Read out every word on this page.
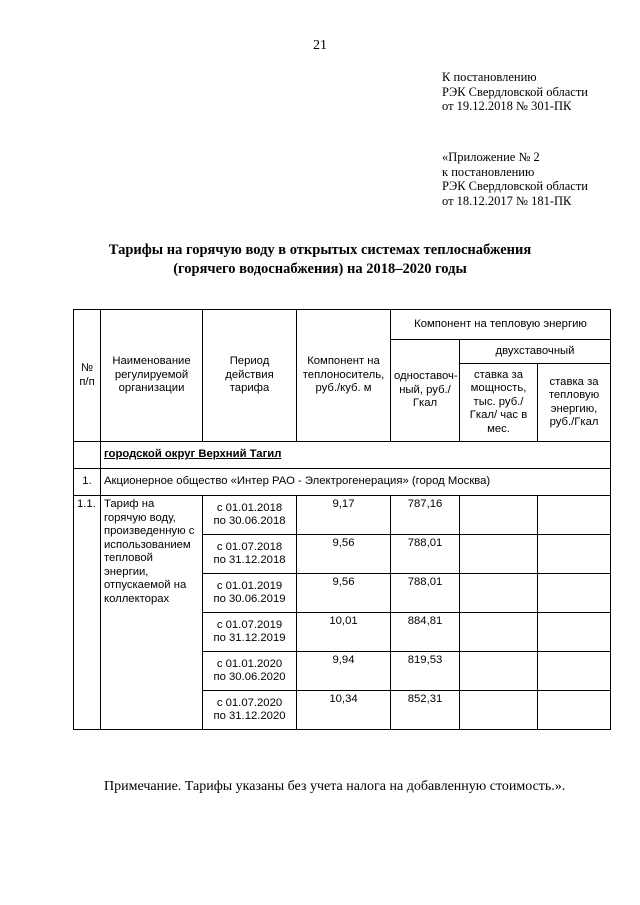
21
К постановлению
РЭК Свердловской области
от 19.12.2018 № 301-ПК
«Приложение № 2
к постановлению
РЭК Свердловской области
от 18.12.2017 № 181-ПК
Тарифы на горячую воду в открытых системах теплоснабжения
(горячего водоснабжения) на 2018–2020 годы
№ п/п	Наименование регулируемой организации	Период действия тарифа	Компонент на теплоноситель, руб./куб. м	Компонент на тепловую энергию		
				одноставоч-ный, руб./Гкал	двухставочный	
					ставка за мощность, тыс. руб./Гкал/ час в мес.	ставка за тепловую энергию, руб./Гкал
	городской округ Верхний Тагил					
1.	Акционерное общество «Интер РАО - Электрогенерация» (город Москва)					
1.1.	Тариф на горячую воду, произведенную с использованием тепловой энергии, отпускаемой на коллекторах	с 01.01.2018
по 30.06.2018	9,17	787,16		

		с 01.07.2018
по 31.12.2018	9,56	788,01		

		с 01.01.2019
по 30.06.2019	9,56	788,01		

		с 01.07.2019
по 31.12.2019	10,01	884,81		

		с 01.01.2020
по 30.06.2020	9,94	819,53		

		с 01.07.2020
по 31.12.2020	10,34	852,31		
Примечание. Тарифы указаны без учета налога на добавленную стоимость.».
